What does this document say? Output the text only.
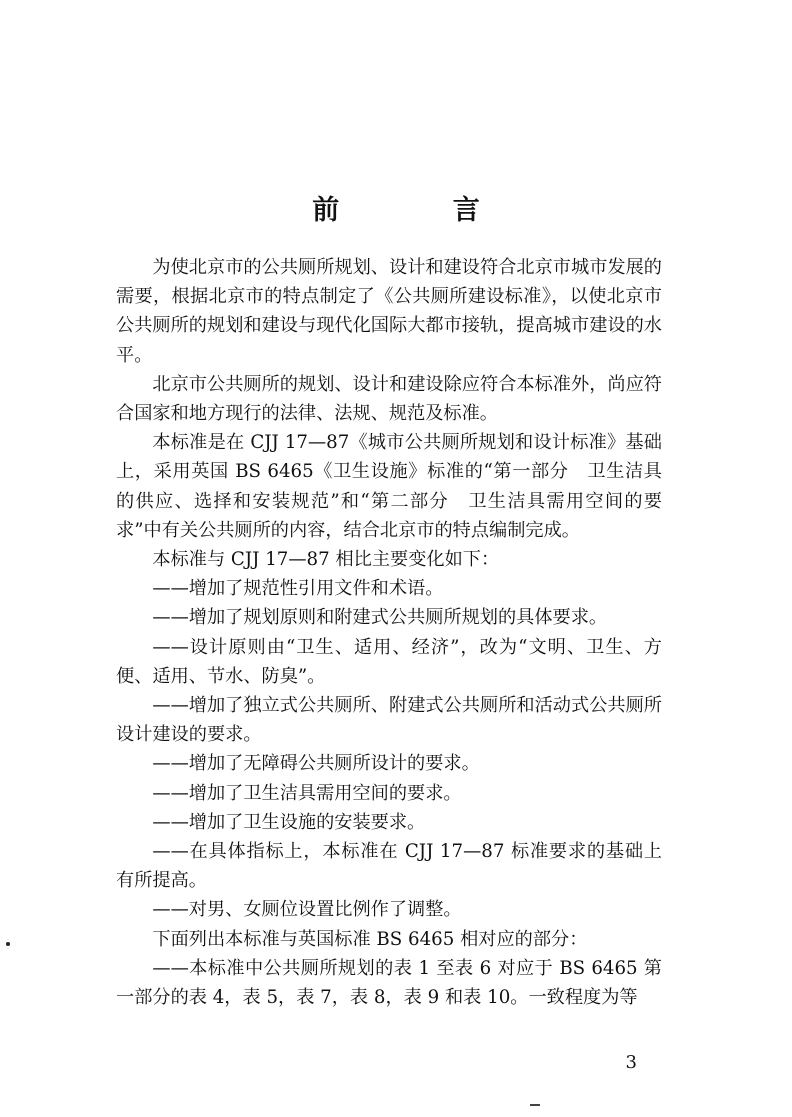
前 言

为使北京市的公共厕所规划、设计和建设符合北京市城市发展的需要，根据北京市的特点制定了《公共厕所建设标准》，以使北京市公共厕所的规划和建设与现代化国际大都市接轨，提高城市建设的水平。

北京市公共厕所的规划、设计和建设除应符合本标准外，尚应符合国家和地方现行的法律、法规、规范及标准。

本标准是在 CJJ 17—87《城市公共厕所规划和设计标准》基础上，采用英国 BS 6465《卫生设施》标准的“第一部分　卫生洁具的供应、选择和安装规范”和“第二部分　卫生洁具需用空间的要求”中有关公共厕所的内容，结合北京市的特点编制完成。

本标准与 CJJ 17—87 相比主要变化如下：

——增加了规范性引用文件和术语。

——增加了规划原则和附建式公共厕所规划的具体要求。

——设计原则由“卫生、适用、经济”，改为“文明、卫生、方便、适用、节水、防臭”。

——增加了独立式公共厕所、附建式公共厕所和活动式公共厕所设计建设的要求。

——增加了无障碍公共厕所设计的要求。

——增加了卫生洁具需用空间的要求。

——增加了卫生设施的安装要求。

——在具体指标上，本标准在 CJJ 17—87 标准要求的基础上有所提高。

——对男、女厕位设置比例作了调整。

下面列出本标准与英国标准 BS 6465 相对应的部分：

——本标准中公共厕所规划的表 1 至表 6 对应于 BS 6465 第一部分的表 4，表 5，表 7，表 8，表 9 和表 10。一致程度为等

3
